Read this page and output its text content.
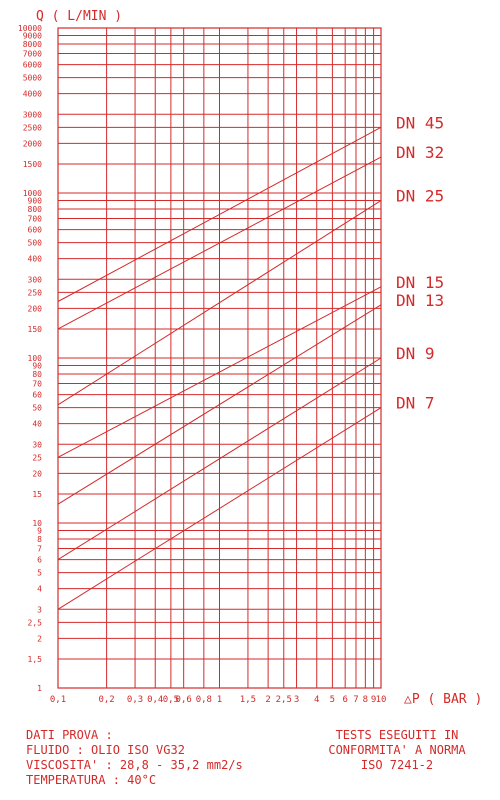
Q ( L/MIN )
△P ( BAR )
0,1	0,2 0,3 0,4 0,5
0,6 0,8 1 1,5 2 2,5 3 4 5 6 7 8 9 10
1
1,5
2
2,5
3
4
5
6
7
8
9
10
15
20
25
30
40
50
60
70
80
90
100
150
200
250
300
400
500
600
700
800
900
1000
1500
2000
2500
3000
4000
5000
6000
7000
8000
9000
10000
DN 45
DN 32
DN 25
DN 15
DN 13
DN 9
DN 7
DATI PROVA :
FLUIDO : OLIO ISO VG32
VISCOSITA' : 28,8 - 35,2 mm2/s
TEMPERATURA : 40°C
TESTS ESEGUITI IN
CONFORMITA' A NORMA
ISO 7241-2
